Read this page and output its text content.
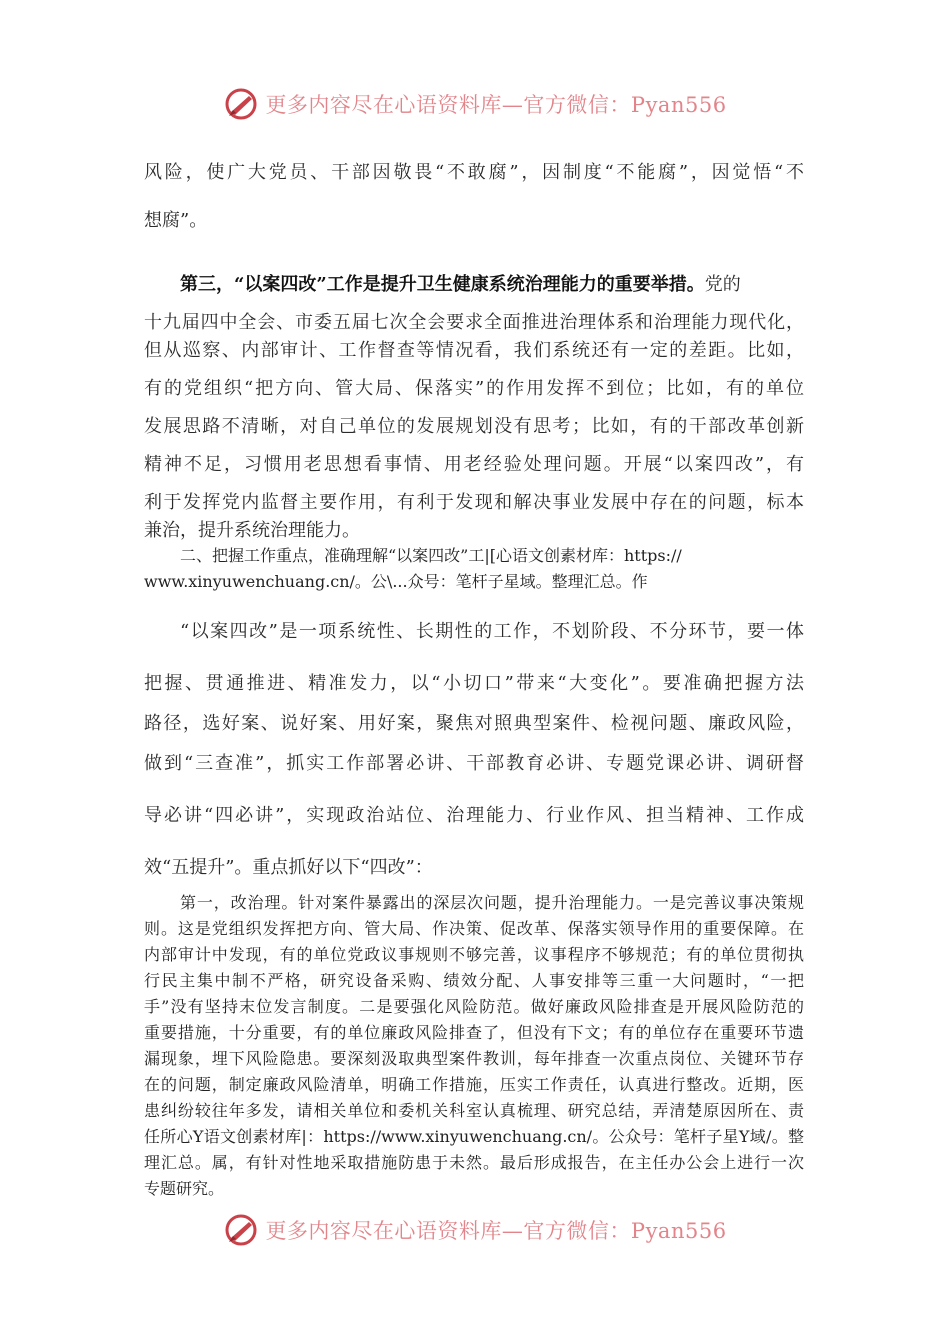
更多内容尽在心语资料库—官方微信：Pyan556
风险，使广大党员、干部因敬畏“不敢腐”，因制度“不能腐”，因觉悟“不
想腐”。
第三，“以案四改”工作是提升卫生健康系统治理能力的重要举措。党的
十九届四中全会、市委五届七次全会要求全面推进治理体系和治理能力现代化，
但从巡察、内部审计、工作督查等情况看，我们系统还有一定的差距。比如，
有的党组织“把方向、管大局、保落实”的作用发挥不到位；比如，有的单位
发展思路不清晰，对自己单位的发展规划没有思考；比如，有的干部改革创新
精神不足，习惯用老思想看事情、用老经验处理问题。开展“以案四改”，有
利于发挥党内监督主要作用，有利于发现和解决事业发展中存在的问题，标本
兼治，提升系统治理能力。
二、把握工作重点，准确理解“以案四改”工|[心语文创素材库：https://
www.xinyuwenchuang.cn/。公\...众号：笔杆子星域。整理汇总。作
“以案四改”是一项系统性、长期性的工作，不划阶段、不分环节，要一体
把握、贯通推进、精准发力，以“小切口”带来“大变化”。要准确把握方法
路径，选好案、说好案、用好案，聚焦对照典型案件、检视问题、廉政风险，
做到“三查准”，抓实工作部署必讲、干部教育必讲、专题党课必讲、调研督
导必讲“四必讲”，实现政治站位、治理能力、行业作风、担当精神、工作成
效“五提升”。重点抓好以下“四改”：
第一，改治理。针对案件暴露出的深层次问题，提升治理能力。一是完善议事决策规
则。这是党组织发挥把方向、管大局、作决策、促改革、保落实领导作用的重要保障。在
内部审计中发现，有的单位党政议事规则不够完善，议事程序不够规范；有的单位贯彻执
行民主集中制不严格，研究设备采购、绩效分配、人事安排等三重一大问题时，“一把
手”没有坚持末位发言制度。二是要强化风险防范。做好廉政风险排查是开展风险防范的
重要措施，十分重要，有的单位廉政风险排查了，但没有下文；有的单位存在重要环节遗
漏现象，埋下风险隐患。要深刻汲取典型案件教训，每年排查一次重点岗位、关键环节存
在的问题，制定廉政风险清单，明确工作措施，压实工作责任，认真进行整改。近期，医
患纠纷较往年多发，请相关单位和委机关科室认真梳理、研究总结，弄清楚原因所在、责
任所心Y语文创素材库|：https://www.xinyuwenchuang.cn/。公众号：笔杆子星Y域/。整
理汇总。属，有针对性地采取措施防患于未然。最后形成报告，在主任办公会上进行一次
专题研究。
更多内容尽在心语资料库—官方微信：Pyan556
